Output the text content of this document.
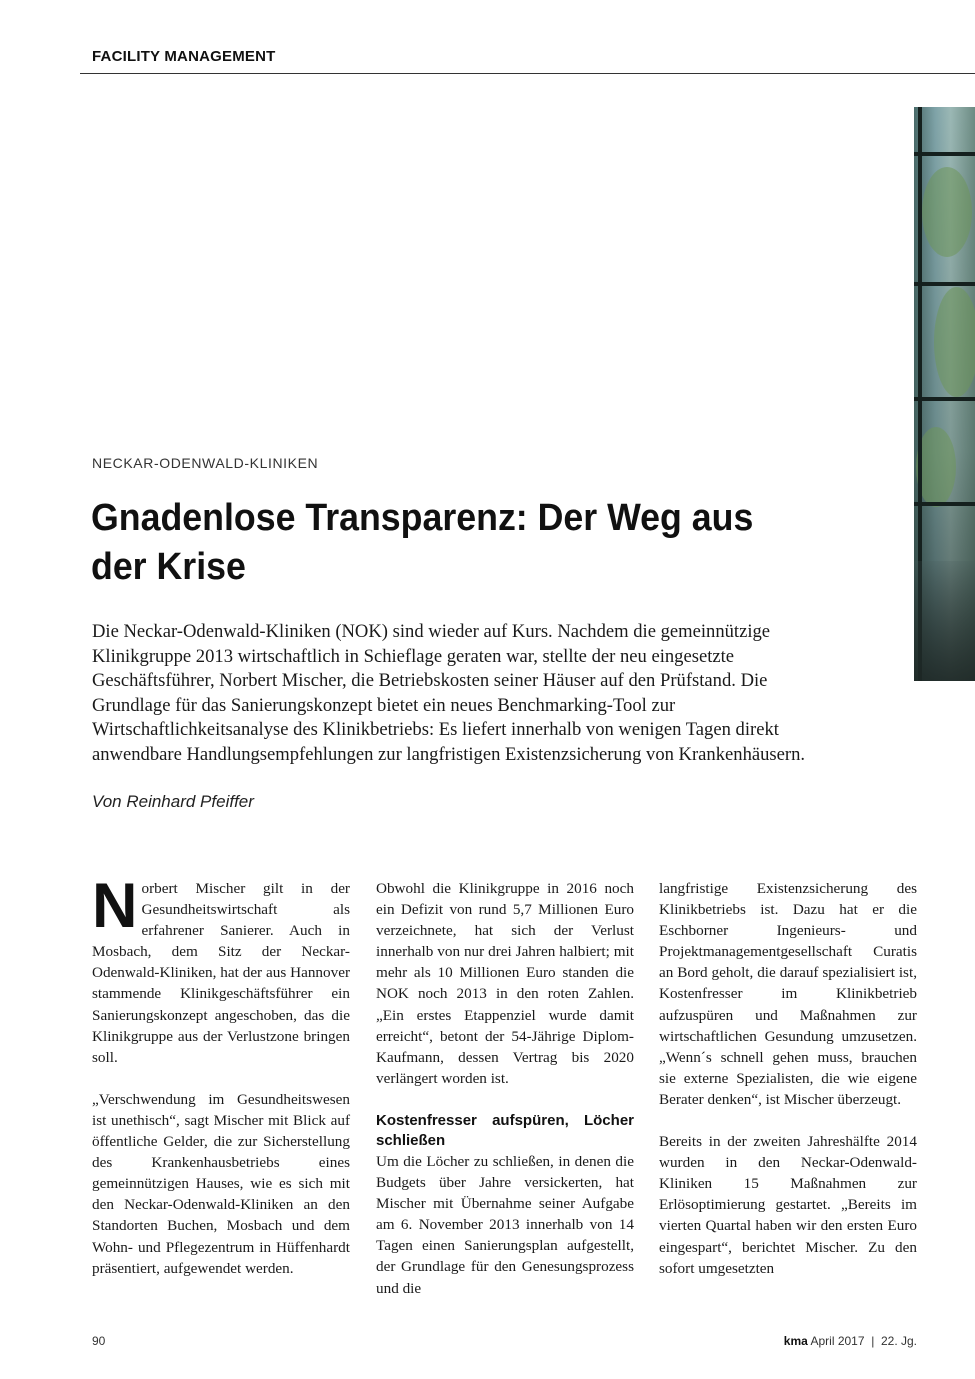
FACILITY MANAGEMENT
NECKAR-ODENWALD-KLINIKEN
Gnadenlose Transparenz: Der Weg aus der Krise

Die Neckar-Odenwald-Kliniken (NOK) sind wieder auf Kurs. Nachdem die gemeinnützige Klinikgruppe 2013 wirtschaftlich in Schieflage geraten war, stellte der neu eingesetzte Geschäftsführer, Norbert Mischer, die Betriebskosten seiner Häuser auf den Prüfstand. Die Grundlage für das Sanierungskonzept bietet ein neues Benchmarking-Tool zur Wirtschaftlichkeitsanalyse des Klinikbetriebs: Es liefert innerhalb von wenigen Tagen direkt anwendbare Handlungsempfehlungen zur langfristigen Existenzsicherung von Krankenhäusern.

Von Reinhard Pfeiffer

Norbert Mischer gilt in der Gesundheitswirtschaft als erfahrener Sanierer. Auch in Mosbach, dem Sitz der Neckar-Odenwald-Kliniken, hat der aus Hannover stammende Klinikgeschäftsführer ein Sanierungskonzept angeschoben, das die Klinikgruppe aus der Verlustzone bringen soll.

„Verschwendung im Gesundheitswesen ist unethisch“, sagt Mischer mit Blick auf öffentliche Gelder, die zur Sicherstellung des Krankenhausbetriebs eines gemeinnützigen Hauses, wie es sich mit den Neckar-Odenwald-Kliniken an den Standorten Buchen, Mosbach und dem Wohn- und Pflegezentrum in Hüffenhardt präsentiert, aufgewendet werden.

Obwohl die Klinikgruppe in 2016 noch ein Defizit von rund 5,7 Millionen Euro verzeichnete, hat sich der Verlust innerhalb von nur drei Jahren halbiert; mit mehr als 10 Millionen Euro standen die NOK noch 2013 in den roten Zahlen. „Ein erstes Etappenziel wurde damit erreicht“, betont der 54-Jährige Diplom-Kaufmann, dessen Vertrag bis 2020 verlängert worden ist.

Kostenfresser aufspüren, Löcher schließen

Um die Löcher zu schließen, in denen die Budgets über Jahre versickerten, hat Mischer mit Übernahme seiner Aufgabe am 6. November 2013 innerhalb von 14 Tagen einen Sanierungsplan aufgestellt, der Grundlage für den Genesungsprozess und die

langfristige Existenzsicherung des Klinikbetriebs ist. Dazu hat er die Eschborner Ingenieurs- und Projektmanagementgesellschaft Curatis an Bord geholt, die darauf spezialisiert ist, Kostenfresser im Klinikbetrieb aufzuspüren und Maßnahmen zur wirtschaftlichen Gesundung umzusetzen. „Wenn´s schnell gehen muss, brauchen sie externe Spezialisten, die wie eigene Berater denken“, ist Mischer überzeugt.

Bereits in der zweiten Jahreshälfte 2014 wurden in den Neckar-Odenwald-Kliniken 15 Maßnahmen zur Erlösoptimierung gestartet. „Bereits im vierten Quartal haben wir den ersten Euro eingespart“, berichtet Mischer. Zu den sofort umgesetzten

90	kma April 2017  |  22. Jg.
